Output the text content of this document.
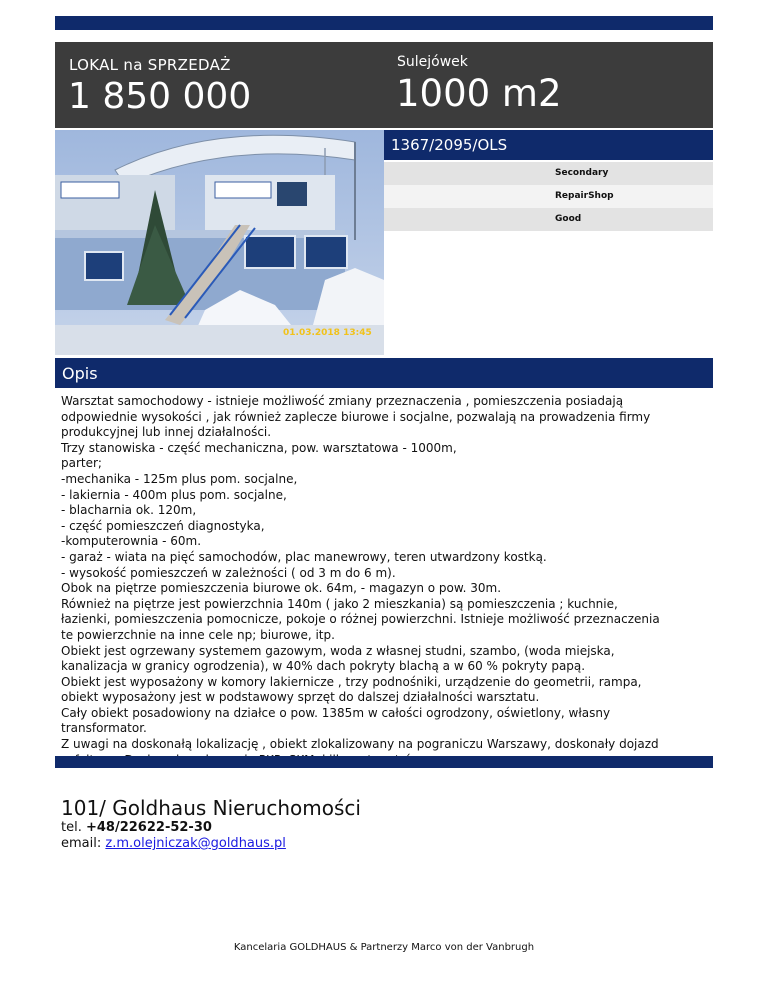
LOKAL na SPRZEDAŻ
1 850 000
Sulejówek
1000 m2
01.03.2018 13:45
1367/2095/OLS
Secondary
RepairShop
Good
Opis

Warsztat samochodowy - istnieje możliwość zmiany przeznaczenia , pomieszczenia posiadają

odpowiednie wysokości , jak również zaplecze biurowe i socjalne, pozwalają na prowadzenia firmy

produkcyjnej lub innej działalności.

Trzy stanowiska - część mechaniczna, pow. warsztatowa - 1000m,

parter;

-mechanika - 125m plus pom. socjalne,

- lakiernia - 400m plus pom. socjalne,

- blacharnia ok. 120m,

- część pomieszczeń diagnostyka,

-komputerownia - 60m.

- garaż - wiata na pięć samochodów, plac manewrowy, teren utwardzony kostką.

- wysokość pomieszczeń w zależności ( od 3 m do 6 m).

Obok na piętrze pomieszczenia biurowe ok. 64m, - magazyn o pow. 30m.

Również na piętrze jest powierzchnia 140m ( jako 2 mieszkania) są pomieszczenia ; kuchnie,

łazienki, pomieszczenia pomocnicze, pokoje o różnej powierzchni. Istnieje możliwość przeznaczenia

te powierzchnie na inne cele np; biurowe, itp.

Obiekt jest ogrzewany systemem gazowym, woda z własnej studni, szambo, (woda miejska,

kanalizacja w granicy ogrodzenia), w 40% dach pokryty blachą a w 60 % pokryty papą.

Obiekt jest wyposażony w komory lakiernicze , trzy podnośniki, urządzenie do geometrii, rampa,

obiekt wyposażony jest w podstawowy sprzęt do dalszej działalności warsztatu.

Cały obiekt posadowiony na działce o pow. 1385m w całości ogrodzony, oświetlony, własny

transformator.

Z uwagi na doskonałą lokalizację , obiekt zlokalizowany na pograniczu Warszawy, doskonały dojazd

101/ Goldhaus Nieruchomości
tel. +48/22622-52-30
email: z.m.olejniczak@goldhaus.pl
Kancelaria GOLDHAUS & Partnerzy Marco von der Vanbrugh
